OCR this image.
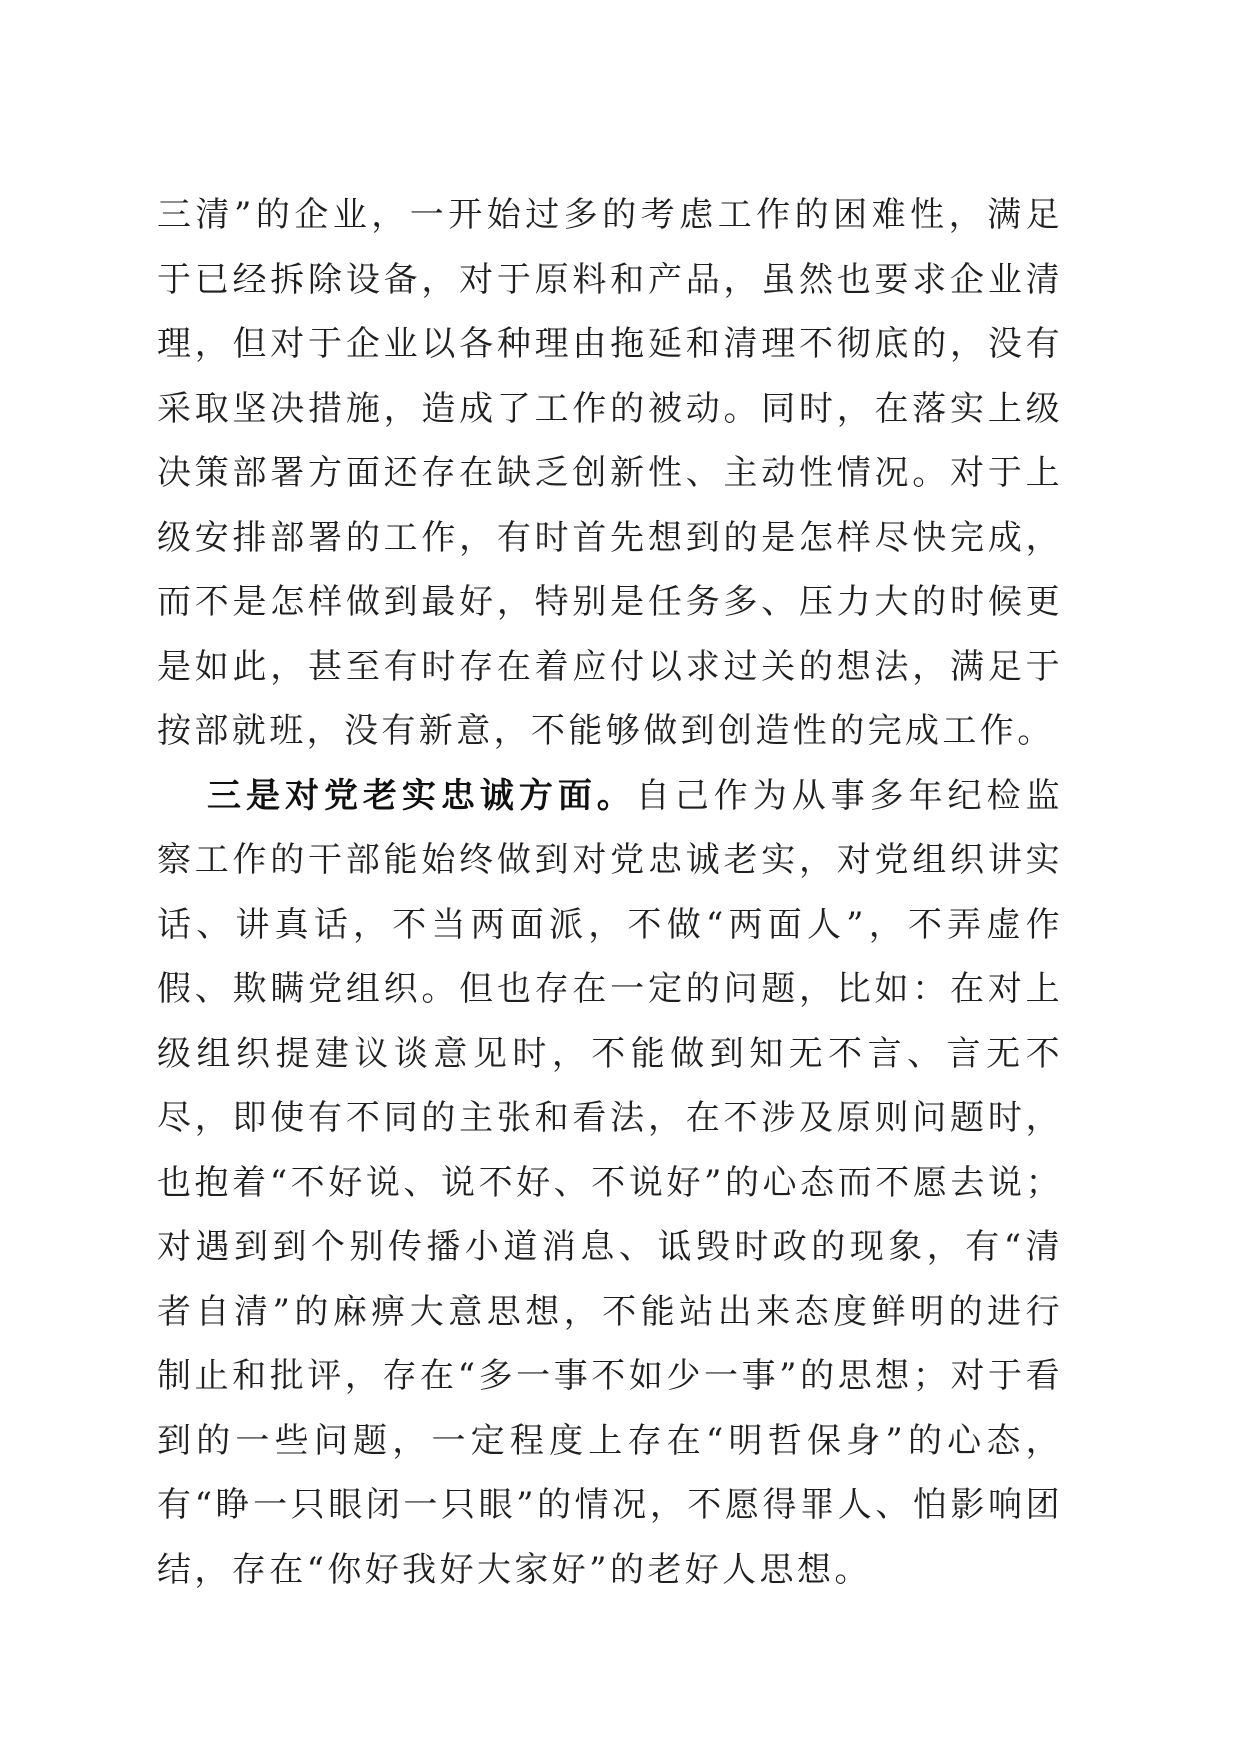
三清”的企业，一开始过多的考虑工作的困难性，满足于已经拆除设备，对于原料和产品，虽然也要求企业清理，但对于企业以各种理由拖延和清理不彻底的，没有采取坚决措施，造成了工作的被动。同时，在落实上级决策部署方面还存在缺乏创新性、主动性情况。对于上级安排部署的工作，有时首先想到的是怎样尽快完成，而不是怎样做到最好，特别是任务多、压力大的时候更是如此，甚至有时存在着应付以求过关的想法，满足于按部就班，没有新意，不能够做到创造性的完成工作。

三是对党老实忠诚方面。自己作为从事多年纪检监察工作的干部能始终做到对党忠诚老实，对党组织讲实话、讲真话，不当两面派，不做“两面人”，不弄虚作假、欺瞒党组织。但也存在一定的问题，比如：在对上级组织提建议谈意见时，不能做到知无不言、言无不尽，即使有不同的主张和看法，在不涉及原则问题时，也抱着“不好说、说不好、不说好”的心态而不愿去说；对遇到到个别传播小道消息、诋毁时政的现象，有“清者自清”的麻痹大意思想，不能站出来态度鲜明的进行制止和批评，存在“多一事不如少一事”的思想；对于看到的一些问题，一定程度上存在“明哲保身”的心态，有“睁一只眼闭一只眼”的情况，不愿得罪人、怕影响团结，存在“你好我好大家好”的老好人思想。
